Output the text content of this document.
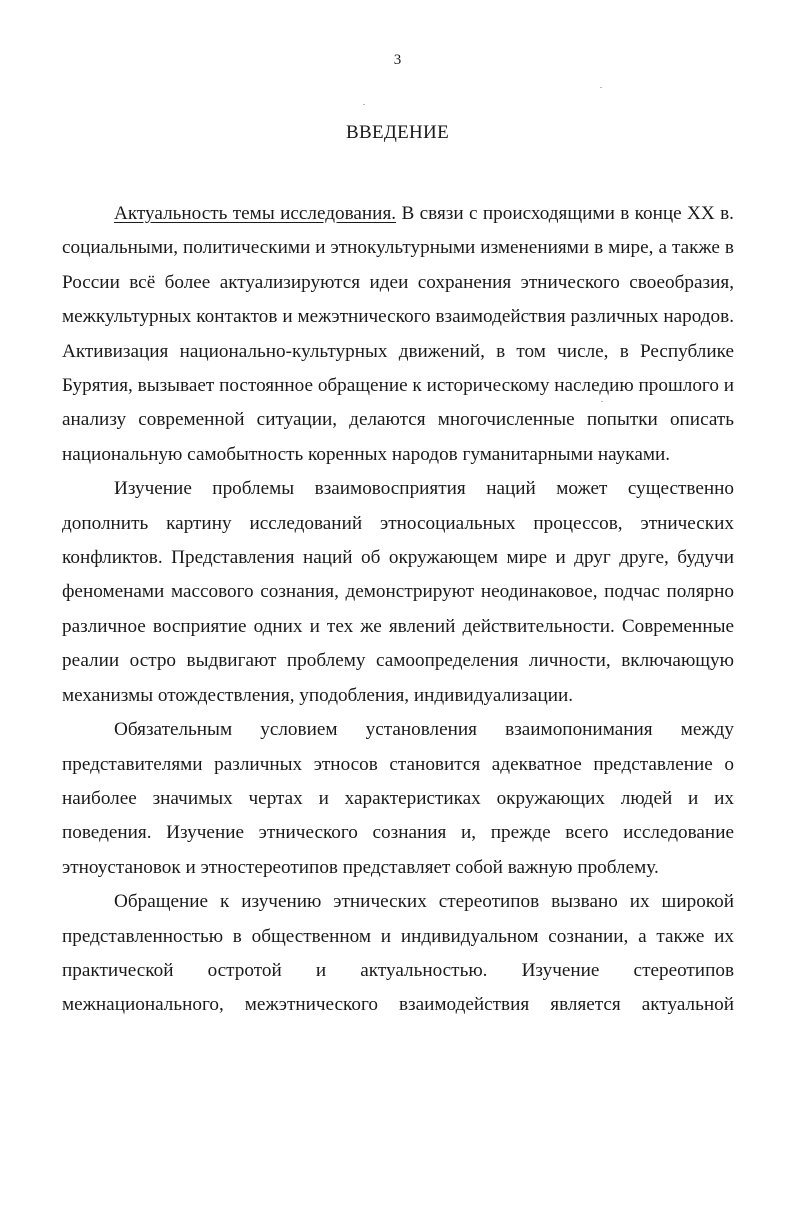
3
ВВЕДЕНИЕ

Актуальность темы исследования. В связи с происходящими в конце XX в. социальными, политическими и этнокультурными изменениями в мире, а также в России всё более актуализируются идеи сохранения этнического своеобразия, межкультурных контактов и межэтнического взаимодействия различных народов. Активизация национально-культурных движений, в том числе, в Республике Бурятия, вызывает постоянное обращение к историческому наследию прошлого и анализу современной ситуации, делаются многочисленные попытки описать национальную самобытность коренных народов гуманитарными науками.

Изучение проблемы взаимовосприятия наций может существенно дополнить картину исследований этносоциальных процессов, этнических конфликтов. Представления наций об окружающем мире и друг друге, будучи феноменами массового сознания, демонстрируют неодинаковое, подчас полярно различное восприятие одних и тех же явлений действительности. Современные реалии остро выдвигают проблему самоопределения личности, включающую механизмы отождествления, уподобления, индивидуализации.

Обязательным условием установления взаимопонимания между представителями различных этносов становится адекватное представление о наиболее значимых чертах и характеристиках окружающих людей и их поведения. Изучение этнического сознания и, прежде всего исследование этноустановок и этностереотипов представляет собой важную проблему.

Обращение к изучению этнических стереотипов вызвано их широкой представленностью в общественном и индивидуальном сознании, а также их практической остротой и актуальностью. Изучение стереотипов межнационального, межэтнического взаимодействия является актуальной
